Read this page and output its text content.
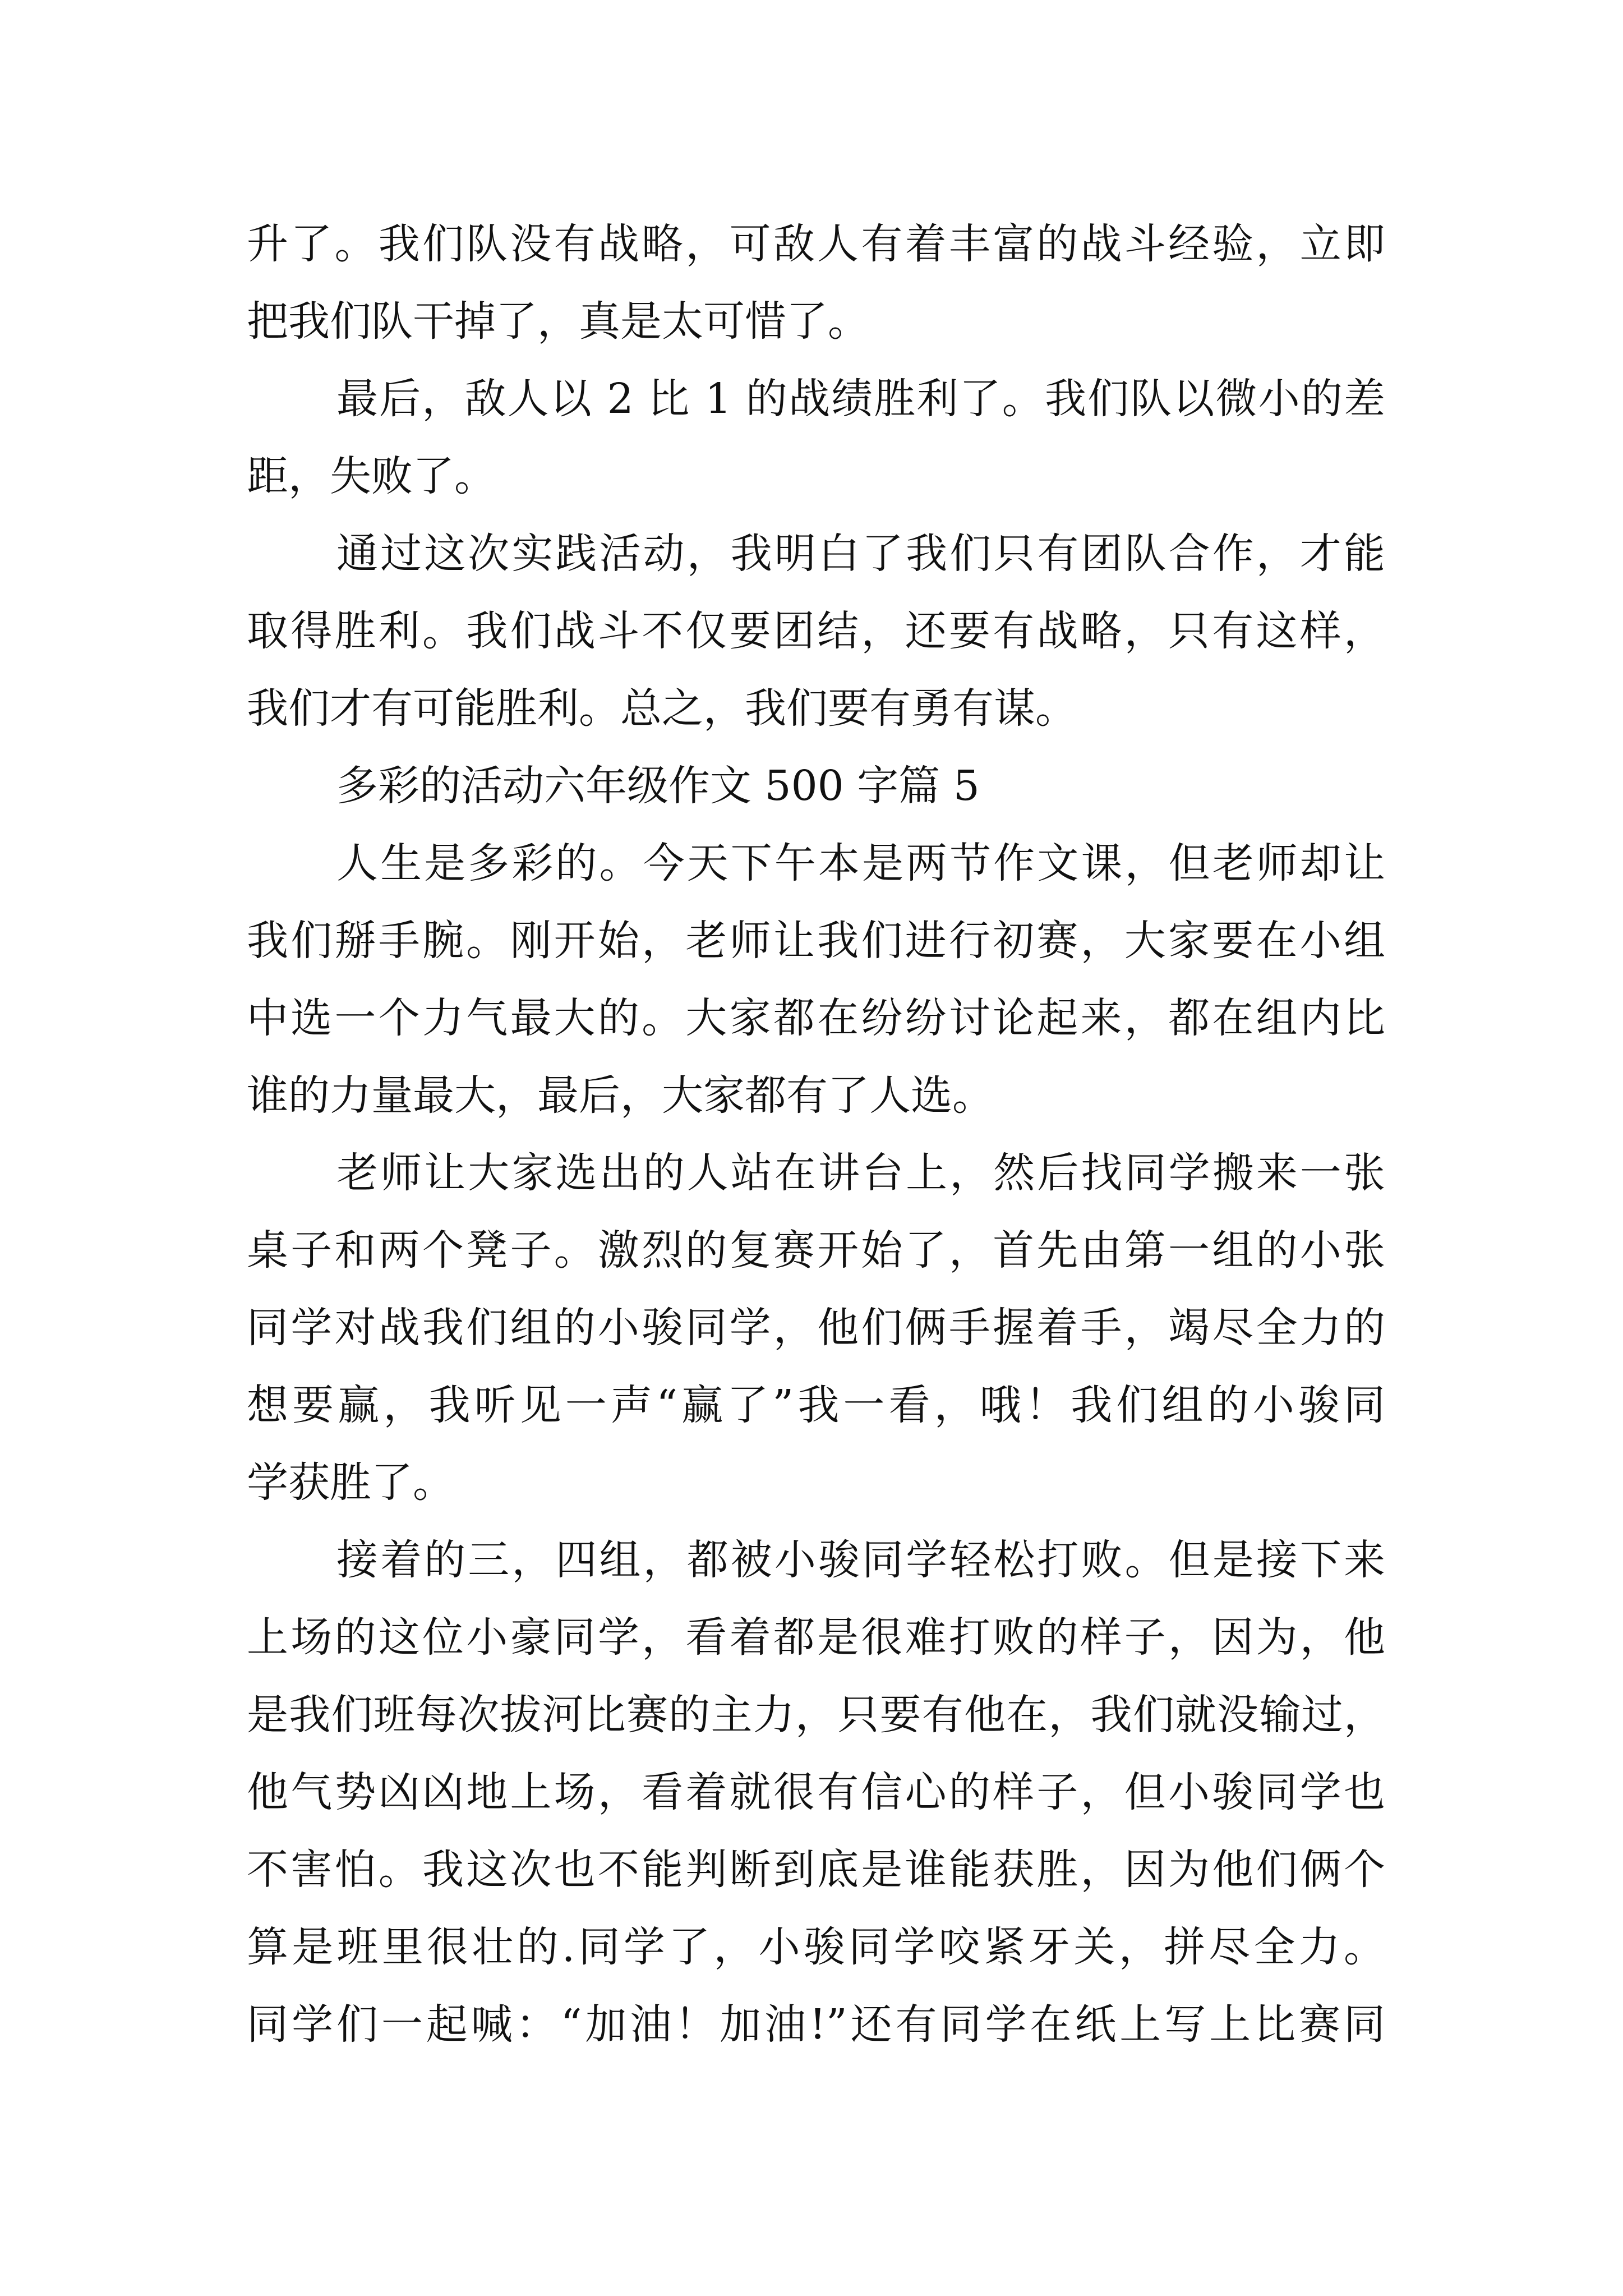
升了。我们队没有战略，可敌人有着丰富的战斗经验，立即
把我们队干掉了，真是太可惜了。
最后，敌人以 2 比 1 的战绩胜利了。我们队以微小的差
距，失败了。
通过这次实践活动，我明白了我们只有团队合作，才能
取得胜利。我们战斗不仅要团结，还要有战略，只有这样，
我们才有可能胜利。总之，我们要有勇有谋。
多彩的活动六年级作文 500 字篇 5
人生是多彩的。今天下午本是两节作文课，但老师却让
我们掰手腕。刚开始，老师让我们进行初赛，大家要在小组
中选一个力气最大的。大家都在纷纷讨论起来，都在组内比
谁的力量最大，最后，大家都有了人选。
老师让大家选出的人站在讲台上，然后找同学搬来一张
桌子和两个凳子。激烈的复赛开始了，首先由第一组的小张
同学对战我们组的小骏同学，他们俩手握着手，竭尽全力的
想要赢，我听见一声“赢了”我一看，哦！我们组的小骏同
学获胜了。
接着的三，四组，都被小骏同学轻松打败。但是接下来
上场的这位小豪同学，看着都是很难打败的样子，因为，他
是我们班每次拔河比赛的主力，只要有他在，我们就没输过，
他气势凶凶地上场，看着就很有信心的样子，但小骏同学也
不害怕。我这次也不能判断到底是谁能获胜，因为他们俩个
算是班里很壮的.同学了，小骏同学咬紧牙关，拼尽全力。
同学们一起喊：“加油！加油!”还有同学在纸上写上比赛同
